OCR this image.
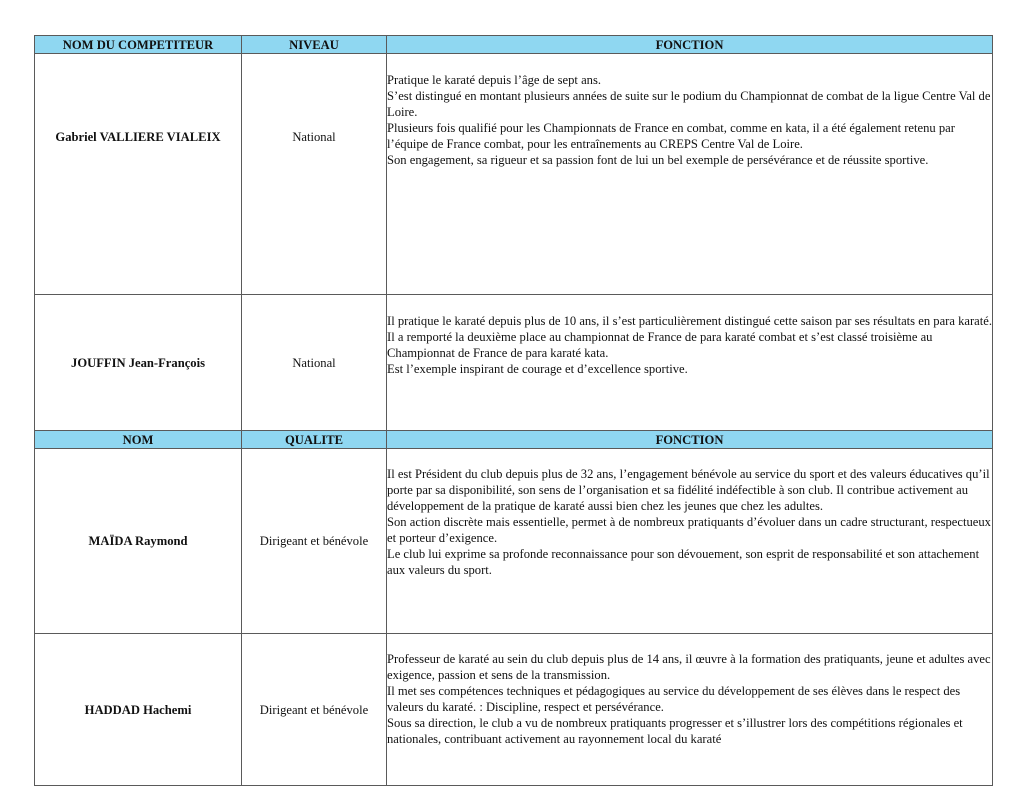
NOM DU COMPETITEUR	NIVEAU	FONCTION
Gabriel VALLIERE VIALEIX	National	Pratique le karaté depuis l’âge de sept ans.
S’est distingué en montant plusieurs années de suite sur le podium du Championnat de combat de la ligue Centre Val de Loire.
Plusieurs fois qualifié pour les Championnats de France en combat, comme en kata, il a été également retenu par l’équipe de France combat, pour les entraînements au CREPS Centre Val de Loire.
Son engagement, sa rigueur et sa passion font de lui un bel exemple de persévérance et de réussite sportive.

JOUFFIN Jean-François	National	Il pratique le karaté depuis plus de 10 ans, il s’est particulièrement distingué cette saison par ses résultats en para karaté.
Il a remporté la deuxième place au championnat de France de para karaté combat et s’est classé troisième au Championnat de France de para karaté kata.
Est l’exemple inspirant de courage et d’excellence sportive.

NOM	QUALITE	FONCTION
MAÏDA Raymond	Dirigeant et bénévole	Il est Président du club depuis plus de 32 ans, l’engagement bénévole au service du sport et des valeurs éducatives qu’il porte par sa disponibilité, son sens de l’organisation et sa fidélité indéfectible à son club. Il contribue activement au développement de la pratique de karaté aussi bien chez les jeunes que chez les adultes.
Son action discrète mais essentielle, permet à de nombreux pratiquants d’évoluer dans un cadre structurant, respectueux et porteur d’exigence.
Le club lui exprime sa profonde reconnaissance pour son dévouement, son esprit de responsabilité et son attachement aux valeurs du sport.

HADDAD Hachemi	Dirigeant et bénévole	Professeur de karaté au sein du club depuis plus de 14 ans, il œuvre à la formation des pratiquants, jeune et adultes avec exigence, passion et sens de la transmission.
Il met ses compétences techniques et pédagogiques au service du développement de ses élèves dans le respect des valeurs du karaté. : Discipline, respect et persévérance.
Sous sa direction, le club a vu de nombreux pratiquants progresser et s’illustrer lors des compétitions régionales et nationales, contribuant activement au rayonnement local du karaté
